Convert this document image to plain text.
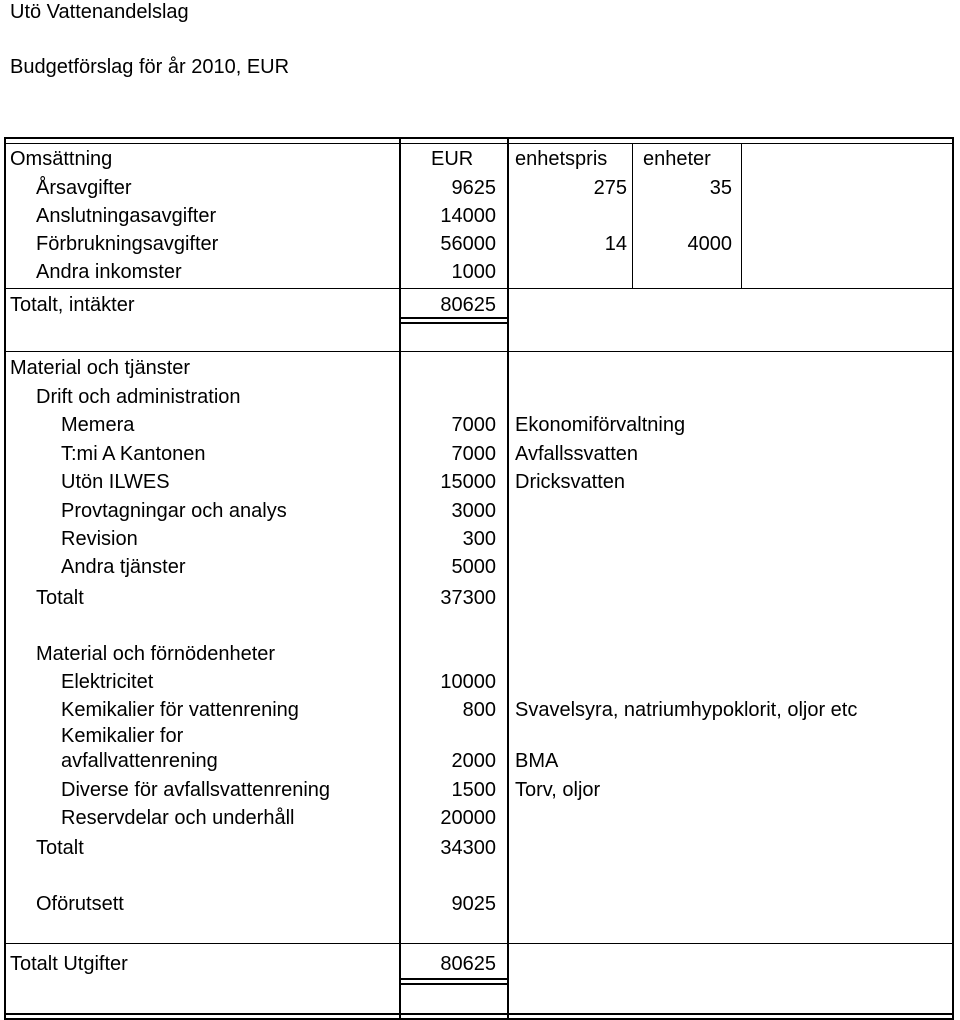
Utö Vattenandelslag
Budgetförslag för år 2010, EUR
Omsättning	EUR enhetspris enheter
Årsavgifter	9625	275	35
Anslutningasavgifter	14000
Förbrukningsavgifter	56000	14	4000
Andra inkomster	1000
Totalt, intäkter	80625
Material och tjänster
Drift och administration
Memera	7000 Ekonomiförvaltning
T:mi A Kantonen	7000 Avfallssvatten
Utön ILWES	15000 Dricksvatten
Provtagningar och analys	3000
Revision	300
Andra tjänster	5000
Totalt	37300
Material och förnödenheter
Elektricitet	10000
Kemikalier för vattenrening	800 Svavelsyra, natriumhypoklorit, oljor etc
Kemikalier for
avfallvattenrening	2000 BMA
Diverse för avfallsvattenrening	1500 Torv, oljor
Reservdelar och underhåll	20000
Totalt	34300
Oförutsett	9025
Totalt Utgifter	80625
